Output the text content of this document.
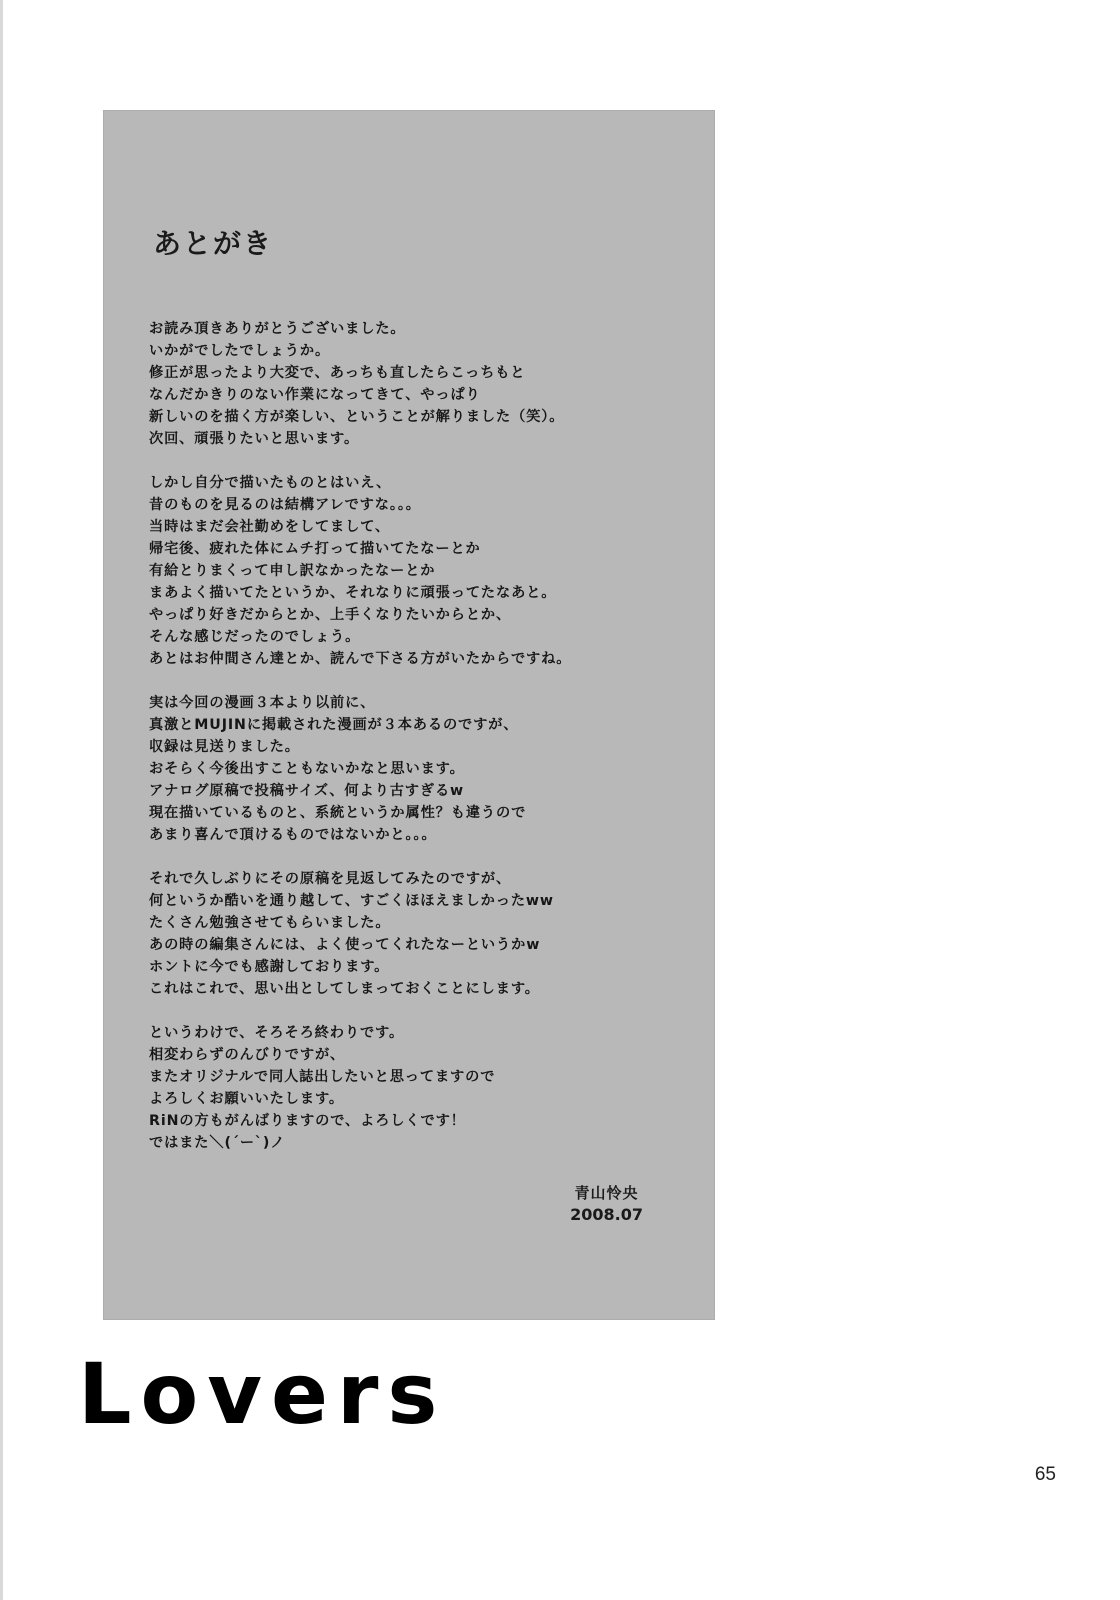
あとがき
お読み頂きありがとうございました。
いかがでしたでしょうか。
修正が思ったより大変で、あっちも直したらこっちもと
なんだかきりのない作業になってきて、やっぱり
新しいのを描く方が楽しい、ということが解りました（笑）。
次回、頑張りたいと思います。
しかし自分で描いたものとはいえ、
昔のものを見るのは結構アレですな。。。
当時はまだ会社勤めをしてまして、
帰宅後、疲れた体にムチ打って描いてたなーとか
有給とりまくって申し訳なかったなーとか
まあよく描いてたというか、それなりに頑張ってたなあと。
やっぱり好きだからとか、上手くなりたいからとか、
そんな感じだったのでしょう。
あとはお仲間さん達とか、読んで下さる方がいたからですね。
実は今回の漫画３本より以前に、
真激とMUJINに掲載された漫画が３本あるのですが、
収録は見送りました。
おそらく今後出すこともないかなと思います。
アナログ原稿で投稿サイズ、何より古すぎるw
現在描いているものと、系統というか属性？も違うので
あまり喜んで頂けるものではないかと。。。
それで久しぶりにその原稿を見返してみたのですが、
何というか酷いを通り越して、すごくほほえましかったww
たくさん勉強させてもらいました。
あの時の編集さんには、よく使ってくれたなーというかw
ホントに今でも感謝しております。
これはこれで、思い出としてしまっておくことにします。
というわけで、そろそろ終わりです。
相変わらずのんびりですが、
またオリジナルで同人誌出したいと思ってますので
よろしくお願いいたします。
RiNの方もがんばりますので、よろしくです！
ではまた＼(´ー`)ノ
青山怜央
2008.07
Lovers
65
